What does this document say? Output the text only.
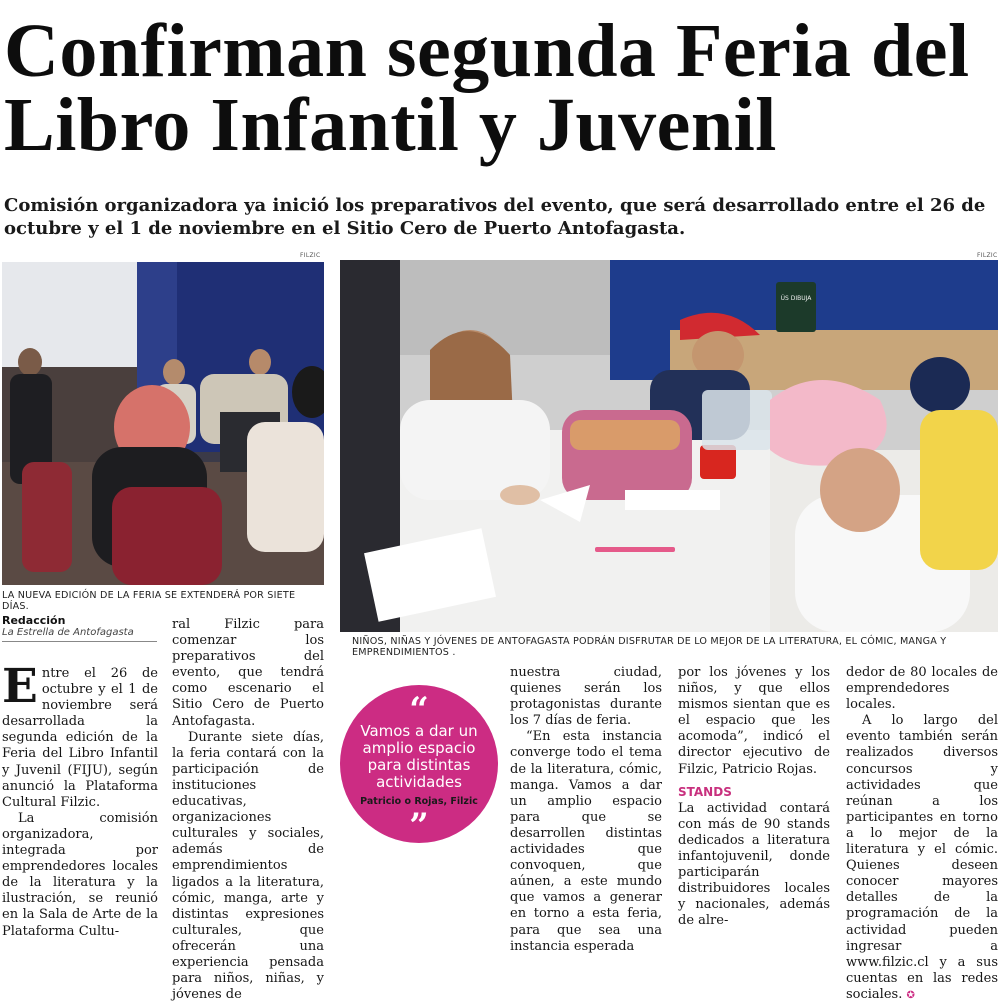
Confirman segunda Feria del Libro Infantil y Juvenil

Comisión organizadora ya inició los preparativos del evento, que será desarrollado entre el 26 de octubre y el 1 de noviembre en el Sitio Cero de Puerto Antofagasta.

FILZIC
LA NUEVA EDICIÓN DE LA FERIA SE EXTENDERÁ POR SIETE DÍAS.
FILZIC
ÚS DIBUJA
NIÑOS, NIÑAS Y JÓVENES DE ANTOFAGASTA PODRÁN DISFRUTAR DE LO MEJOR DE LA LITERATURA, EL CÓMIC, MANGA Y EMPRENDIMIENTOS .
Redacción
La Estrella de Antofagasta

Entre el 26 de octubre y el 1 de noviembre será desarrollada la segunda edición de la Feria del Libro Infantil y Juvenil (FIJU), según anunció la Plataforma Cultural Filzic.

La comisión organizadora, integrada por emprendedores locales de la literatura y la ilustración, se reunió en la Sala de Arte de la Plataforma Cultu-

ral Filzic para comenzar los preparativos del evento, que tendrá como escenario el Sitio Cero de Puerto Antofagasta.

Durante siete días, la feria contará con la participación de instituciones educativas, organizaciones culturales y sociales, además de emprendimientos ligados a la literatura, cómic, manga, arte y distintas expresiones culturales, que ofrecerán una experiencia pensada para niños, niñas, y jóvenes de

“
Vamos a dar un amplio espacio para distintas actividades
Patricio o Rojas, Filzic
”

nuestra ciudad, quienes serán los protagonistas durante los 7 días de feria.

“En esta instancia converge todo el tema de la literatura, cómic, manga. Vamos a dar un amplio espacio para que se desarrollen distintas actividades que convoquen, que aúnen, a este mundo que vamos a generar en torno a esta feria, para que sea una instancia esperada

por los jóvenes y los niños, y que ellos mismos sientan que es el espacio que les acomoda”, indicó el director ejecutivo de Filzic, Patricio Rojas.

STANDS

La actividad contará con más de 90 stands dedicados a literatura infantojuvenil, donde participarán distribuidores locales y nacionales, además de alre-

dedor de 80 locales de emprendedores locales.

A lo largo del evento también serán realizados diversos concursos y actividades que reúnan a los participantes en torno a lo mejor de la literatura y el cómic. Quienes deseen conocer mayores detalles de la programación de la actividad pueden ingresar a www.filzic.cl y a sus cuentas en las redes sociales. ✪
